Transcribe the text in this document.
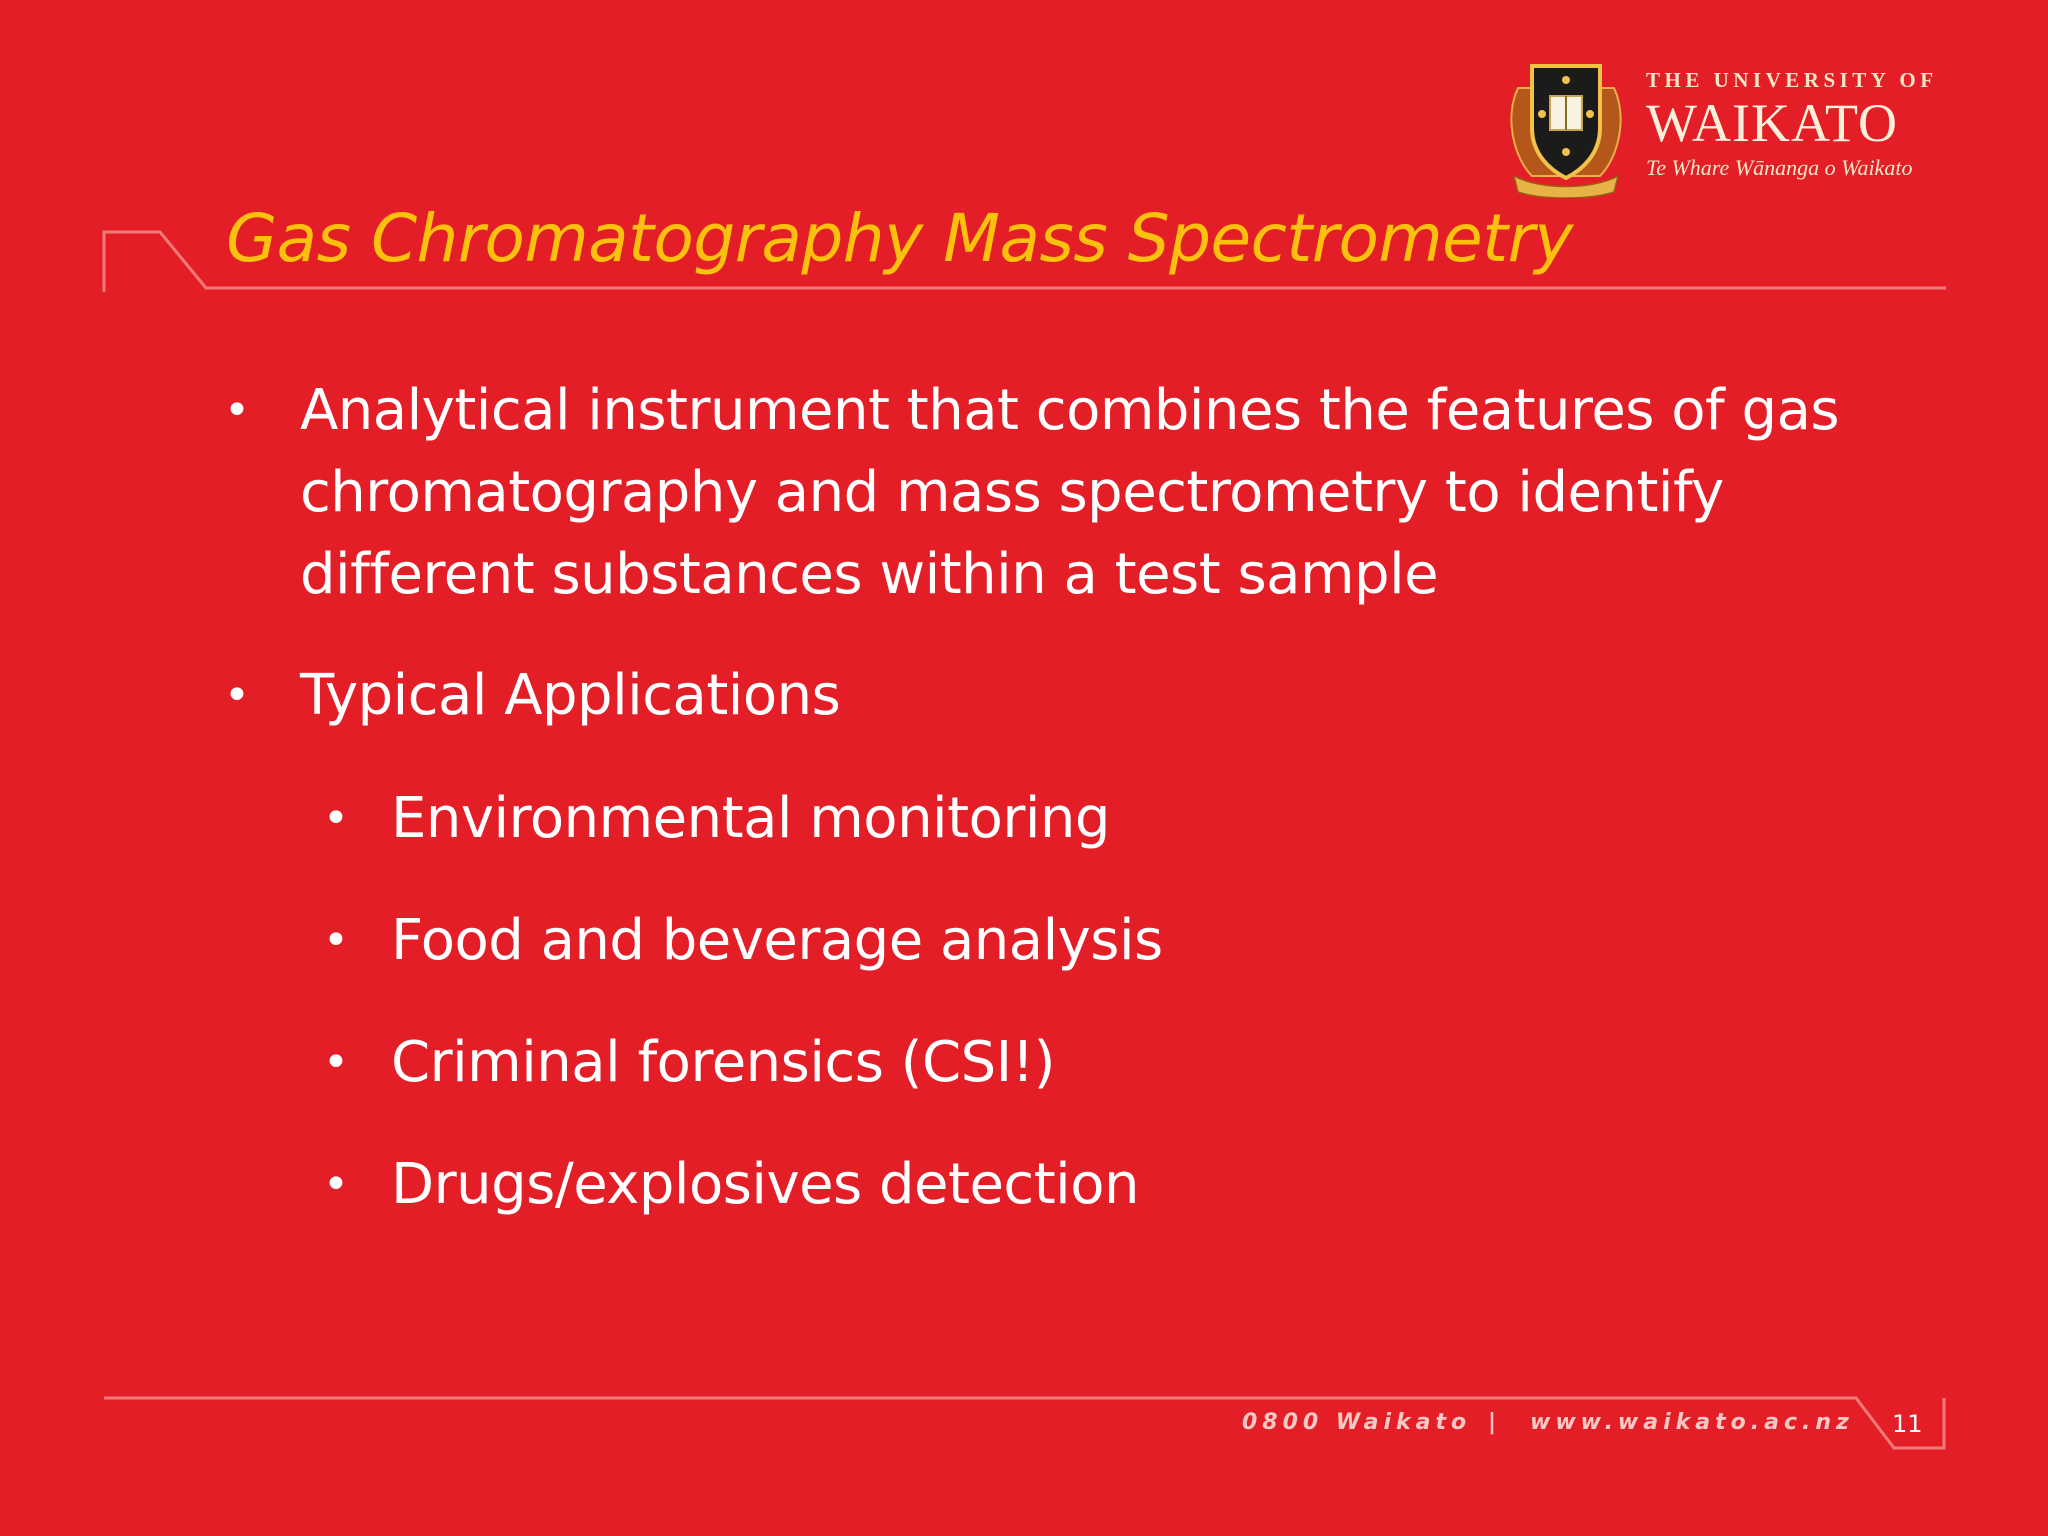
THE UNIVERSITY OF
WAIKATO
Te Whare Wānanga o Waikato
Gas Chromatography Mass Spectrometry
• Analytical instrument that combines the features of gas chromatography and mass spectrometry to identify different substances within a test sample
• Typical Applications
• Environmental monitoring
• Food and beverage analysis
• Criminal forensics (CSI!)
• Drugs/explosives detection
0800 Waikato | www.waikato.ac.nz 11
